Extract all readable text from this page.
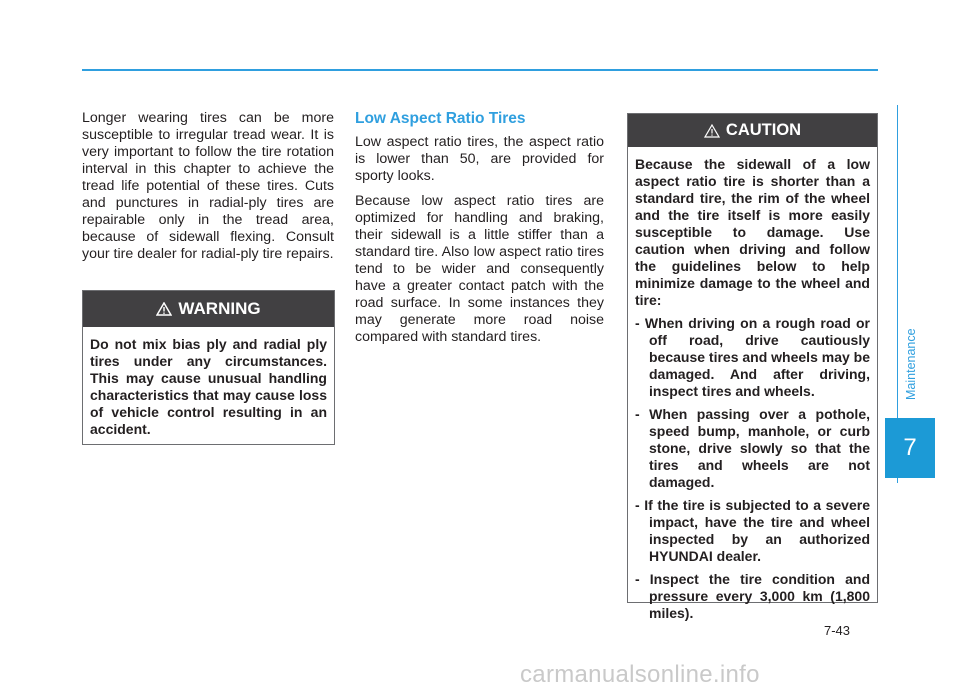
Longer wearing tires can be more susceptible to irregular tread wear. It is very important to follow the tire rotation interval in this chapter to achieve the tread life potential of these tires. Cuts and punctures in radial-ply tires are repairable only in the tread area, because of sidewall flexing. Consult your tire dealer for radial-ply tire repairs.

WARNING

Do not mix bias ply and radial ply tires under any circumstances. This may cause unusual handling characteristics that may cause loss of vehicle control resulting in an accident.

Low Aspect Ratio Tires

Low aspect ratio tires, the aspect ratio is lower than 50, are provided for sporty looks.

Because low aspect ratio tires are optimized for handling and braking, their sidewall is a little stiffer than a standard tire. Also low aspect ratio tires tend to be wider and consequently have a greater contact patch with the road surface. In some instances they may generate more road noise compared with standard tires.

CAUTION

Because the sidewall of a low aspect ratio tire is shorter than a standard tire, the rim of the wheel and the tire itself is more easily susceptible to damage. Use caution when driving and follow the guidelines below to help minimize damage to the wheel and tire:

- When driving on a rough road or off road, drive cautiously because tires and wheels may be damaged. And after driving, inspect tires and wheels.

- When passing over a pothole, speed bump, manhole, or curb stone, drive slowly so that the tires and wheels are not damaged.

- If the tire is subjected to a severe impact, have the tire and wheel inspected by an authorized HYUNDAI dealer.

- Inspect the tire condition and pressure every 3,000 km (1,800 miles).

Maintenance
7
7-43
carmanualsonline.info
